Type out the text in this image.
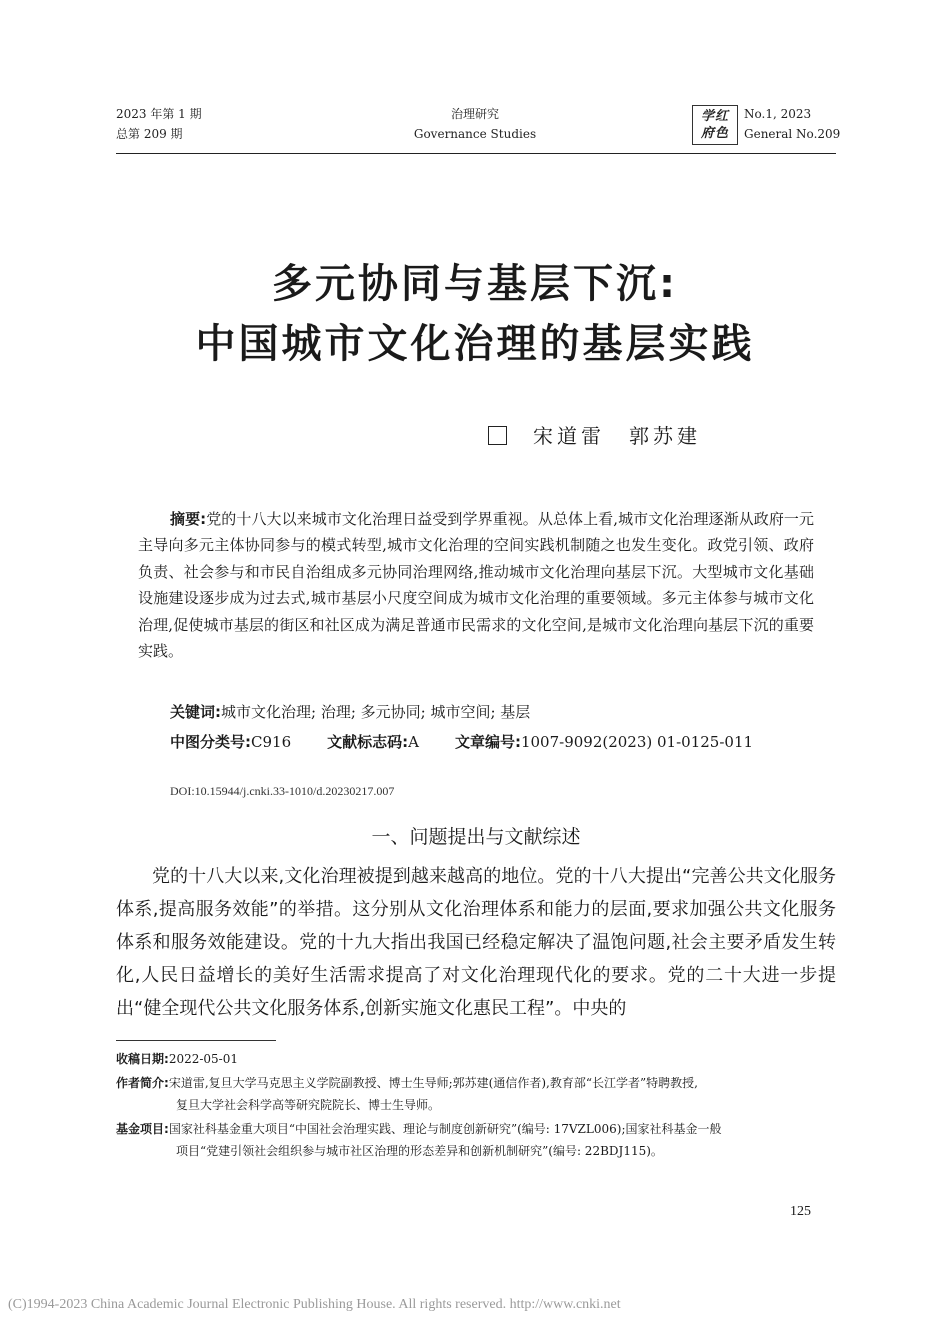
2023 年第 1 期
总第 209 期
治理研究
Governance Studies
学红
府色
No.1, 2023
General No.209
多元协同与基层下沉:
中国城市文化治理的基层实践
宋道雷　郭苏建
摘要:党的十八大以来城市文化治理日益受到学界重视。从总体上看,城市文化治理逐渐从政府一元主导向多元主体协同参与的模式转型,城市文化治理的空间实践机制随之也发生变化。政党引领、政府负责、社会参与和市民自治组成多元协同治理网络,推动城市文化治理向基层下沉。大型城市文化基础设施建设逐步成为过去式,城市基层小尺度空间成为城市文化治理的重要领域。多元主体参与城市文化治理,促使城市基层的街区和社区成为满足普通市民需求的文化空间,是城市文化治理向基层下沉的重要实践。
关键词:城市文化治理; 治理; 多元协同; 城市空间; 基层
中图分类号:C916 文献标志码:A 文章编号:1007-9092(2023) 01-0125-011
DOI:10.15944/j.cnki.33-1010/d.20230217.007
一、问题提出与文献综述
党的十八大以来,文化治理被提到越来越高的地位。党的十八大提出“完善公共文化服务体系,提高服务效能”的举措。这分别从文化治理体系和能力的层面,要求加强公共文化服务体系和服务效能建设。党的十九大指出我国已经稳定解决了温饱问题,社会主要矛盾发生转化,人民日益增长的美好生活需求提高了对文化治理现代化的要求。党的二十大进一步提出“健全现代公共文化服务体系,创新实施文化惠民工程”。中央的
收稿日期:2022-05-01
作者简介:宋道雷,复旦大学马克思主义学院副教授、博士生导师;郭苏建(通信作者),教育部“长江学者”特聘教授,
复旦大学社会科学高等研究院院长、博士生导师。
基金项目:国家社科基金重大项目“中国社会治理实践、理论与制度创新研究”(编号: 17VZL006);国家社科基金一般
项目“党建引领社会组织参与城市社区治理的形态差异和创新机制研究”(编号: 22BDJ115)。
125
(C)1994-2023 China Academic Journal Electronic Publishing House. All rights reserved. http://www.cnki.net
